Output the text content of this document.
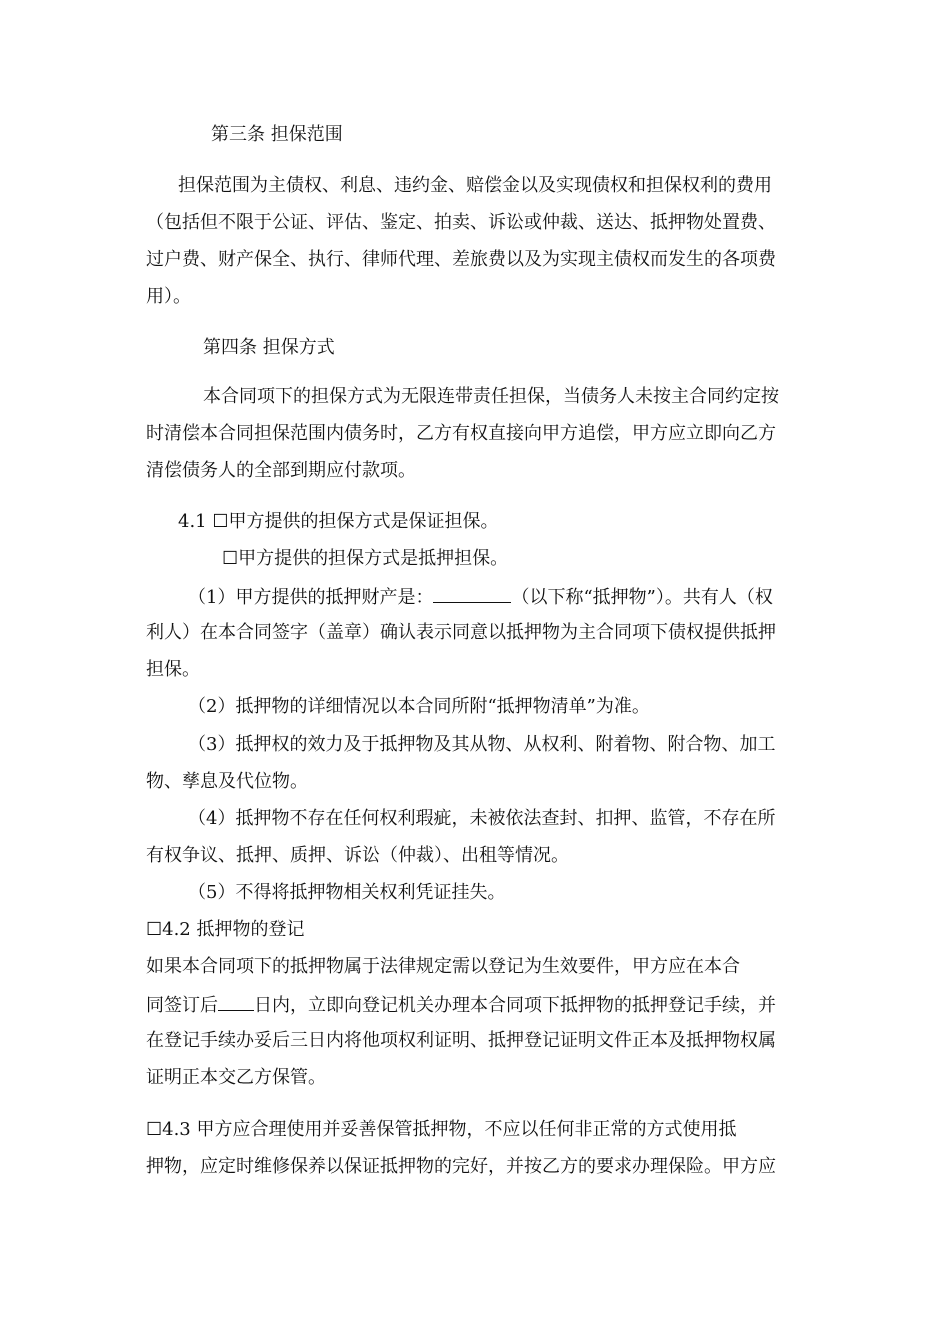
第三条 担保范围
担保范围为主债权、利息、违约金、赔偿金以及实现债权和担保权利的费用
（包括但不限于公证、评估、鉴定、拍卖、诉讼或仲裁、送达、抵押物处置费、
过户费、财产保全、执行、律师代理、差旅费以及为实现主债权而发生的各项费
用）。
第四条 担保方式
本合同项下的担保方式为无限连带责任担保，当债务人未按主合同约定按
时清偿本合同担保范围内债务时，乙方有权直接向甲方追偿，甲方应立即向乙方
清偿债务人的全部到期应付款项。
4.1 ☐甲方提供的担保方式是保证担保。
☐甲方提供的担保方式是抵押担保。
（1）甲方提供的抵押财产是：	（以下称“抵押物”）。共有人（权
利人）在本合同签字（盖章）确认表示同意以抵押物为主合同项下债权提供抵押
担保。
（2）抵押物的详细情况以本合同所附“抵押物清单”为准。
（3）抵押权的效力及于抵押物及其从物、从权利、附着物、附合物、加工
物、孳息及代位物。
（4）抵押物不存在任何权利瑕疵，未被依法查封、扣押、监管，不存在所
有权争议、抵押、质押、诉讼（仲裁）、出租等情况。
（5）不得将抵押物相关权利凭证挂失。
☐4.2 抵押物的登记
如果本合同项下的抵押物属于法律规定需以登记为生效要件，甲方应在本合
同签订后 日内，立即向登记机关办理本合同项下抵押物的抵押登记手续，并
在登记手续办妥后三日内将他项权利证明、抵押登记证明文件正本及抵押物权属
证明正本交乙方保管。
☐4.3 甲方应合理使用并妥善保管抵押物，不应以任何非正常的方式使用抵
押物，应定时维修保养以保证抵押物的完好，并按乙方的要求办理保险。甲方应
